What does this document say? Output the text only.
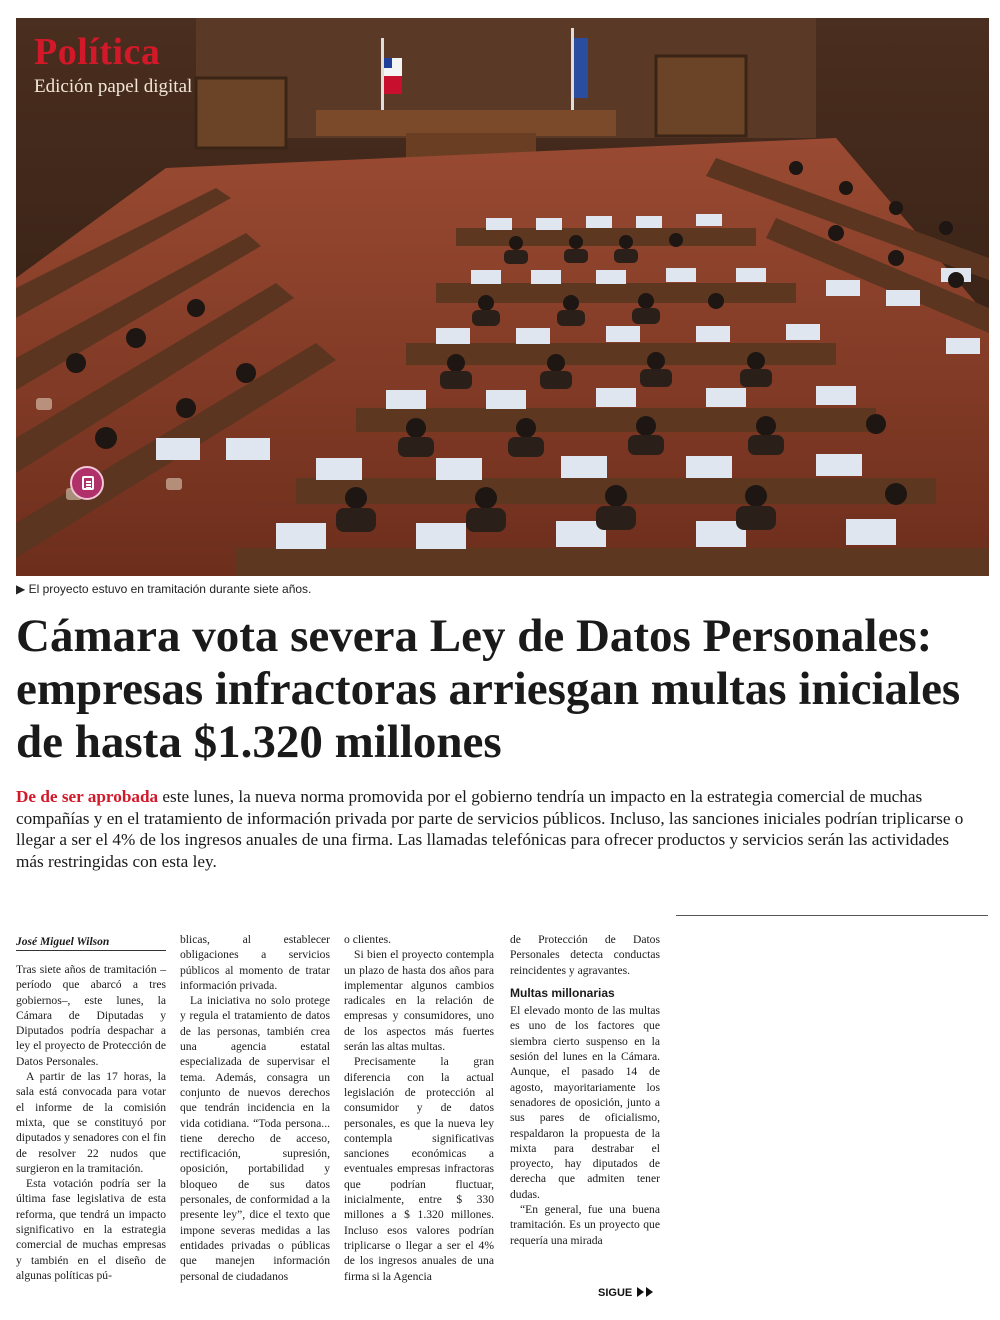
Política
Edición papel digital
▶ El proyecto estuvo en tramitación durante siete años.
Cámara vota severa Ley de Datos Personales: empresas infractoras arriesgan multas iniciales de hasta $1.320 millones
De de ser aprobada este lunes, la nueva norma promovida por el gobierno tendría un impacto en la estrategia comercial de muchas compañías y en el tratamiento de información privada por parte de servicios públicos. Incluso, las sanciones iniciales podrían triplicarse o llegar a ser el 4% de los ingresos anuales de una firma. Las llamadas telefónicas para ofrecer productos y servicios serán las actividades más restringidas con esta ley.
José Miguel Wilson

Tras siete años de tramitación –período que abarcó a tres gobiernos–, este lunes, la Cámara de Diputadas y Diputados podría despachar a ley el proyecto de Protección de Datos Personales.

A partir de las 17 horas, la sala está convocada para votar el informe de la comisión mixta, que se constituyó por diputados y senadores con el fin de resolver 22 nudos que surgieron en la tramitación.

Esta votación podría ser la última fase legislativa de esta reforma, que tendrá un impacto significativo en la estrategia comercial de muchas empresas y también en el diseño de algunas políticas pú-

blicas, al establecer obligaciones a servicios públicos al momento de tratar información privada.

La iniciativa no solo protege y regula el tratamiento de datos de las personas, también crea una agencia estatal especializada de supervisar el tema. Además, consagra un conjunto de nuevos derechos que tendrán incidencia en la vida cotidiana. “Toda persona... tiene derecho de acceso, rectificación, supresión, oposición, portabilidad y bloqueo de sus datos personales, de conformidad a la presente ley”, dice el texto que impone severas medidas a las entidades privadas o públicas que manejen información personal de ciudadanos

o clientes.

Si bien el proyecto contempla un plazo de hasta dos años para implementar algunos cambios radicales en la relación de empresas y consumidores, uno de los aspectos más fuertes serán las altas multas.

Precisamente la gran diferencia con la actual legislación de protección al consumidor y de datos personales, es que la nueva ley contempla significativas sanciones económicas a eventuales empresas infractoras que podrían fluctuar, inicialmente, entre $ 330 millones a $ 1.320 millones. Incluso esos valores podrían triplicarse o llegar a ser el 4% de los ingresos anuales de una firma si la Agencia

de Protección de Datos Personales detecta conductas reincidentes y agravantes.

Multas millonarias

El elevado monto de las multas es uno de los factores que siembra cierto suspenso en la sesión del lunes en la Cámara. Aunque, el pasado 14 de agosto, mayoritariamente los senadores de oposición, junto a sus pares de oficialismo, respaldaron la propuesta de la mixta para destrabar el proyecto, hay diputados de derecha que admiten tener dudas.

“En general, fue una buena tramitación. Es un proyecto que requería una mirada

SIGUE
